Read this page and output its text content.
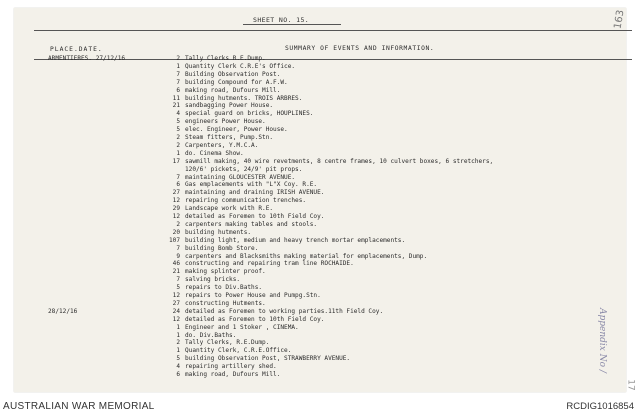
SHEET NO. 15.	163
PLACE.DATE.	SUMMARY OF EVENTS AND INFORMATION.
ARMENTIERES. 27/12/16	2 Tally Clerks R.E.Dump.
1 Quantity Clerk C.R.E's Office.
7 Building Observation Post.
7 building Compound for A.F.W.
6 making road, Dufours Mill.
11 building hutments. TROIS ARBRES.
21 sandbagging Power House.
4 special guard on bricks, HOUPLINES.
5 engineers Power House.
5 elec. Engineer, Power House.
2 Steam fitters, Pump.Stn.
2 Carpenters, Y.M.C.A.
1 do. Cinema Show.
17 sawmill making, 40 wire revetments, 8 centre frames, 10 culvert boxes, 6 stretchers,
120/6' pickets, 24/9' pit props.
7 maintaining GLOUCESTER AVENUE.
6 Gas emplacements with "L"X Coy. R.E.
27 maintaining and draining IRISH AVENUE.
12 repairing communication trenches.
29 Landscape work with R.E.
12 detailed as Foremen to 10th Field Coy.
2 carpenters making tables and stools.
20 building hutments.
107 building light, medium and heavy trench mortar emplacements.
7 building Bomb Store.
9 carpenters and Blacksmiths making material for emplacements, Dump.
46 constructing and repairing tram line ROCHAIDE.
21 making splinter proof.
7 salving bricks.
5 repairs to Div.Baths.
12 repairs to Power House and Pumpg.Stn.
27 constructing Hutments.
28/12/16	24 detailed as Foremen to working parties.11th Field Coy.
12 detailed as Foremen to 10th Field Coy.
1 Engineer and 1 Stoker , CINEMA.
1 do. Div.Baths.
2 Tally Clerks, R.E.Dump.
1 Quantity Clerk, C.R.E.Office.
5 building Observation Post, STRAWBERRY AVENUE.
4 repairing artillery shed.
6 making road, Dufours Mill.
Appendix No /
17
AUSTRALIAN WAR MEMORIAL	RCDIG1016854
